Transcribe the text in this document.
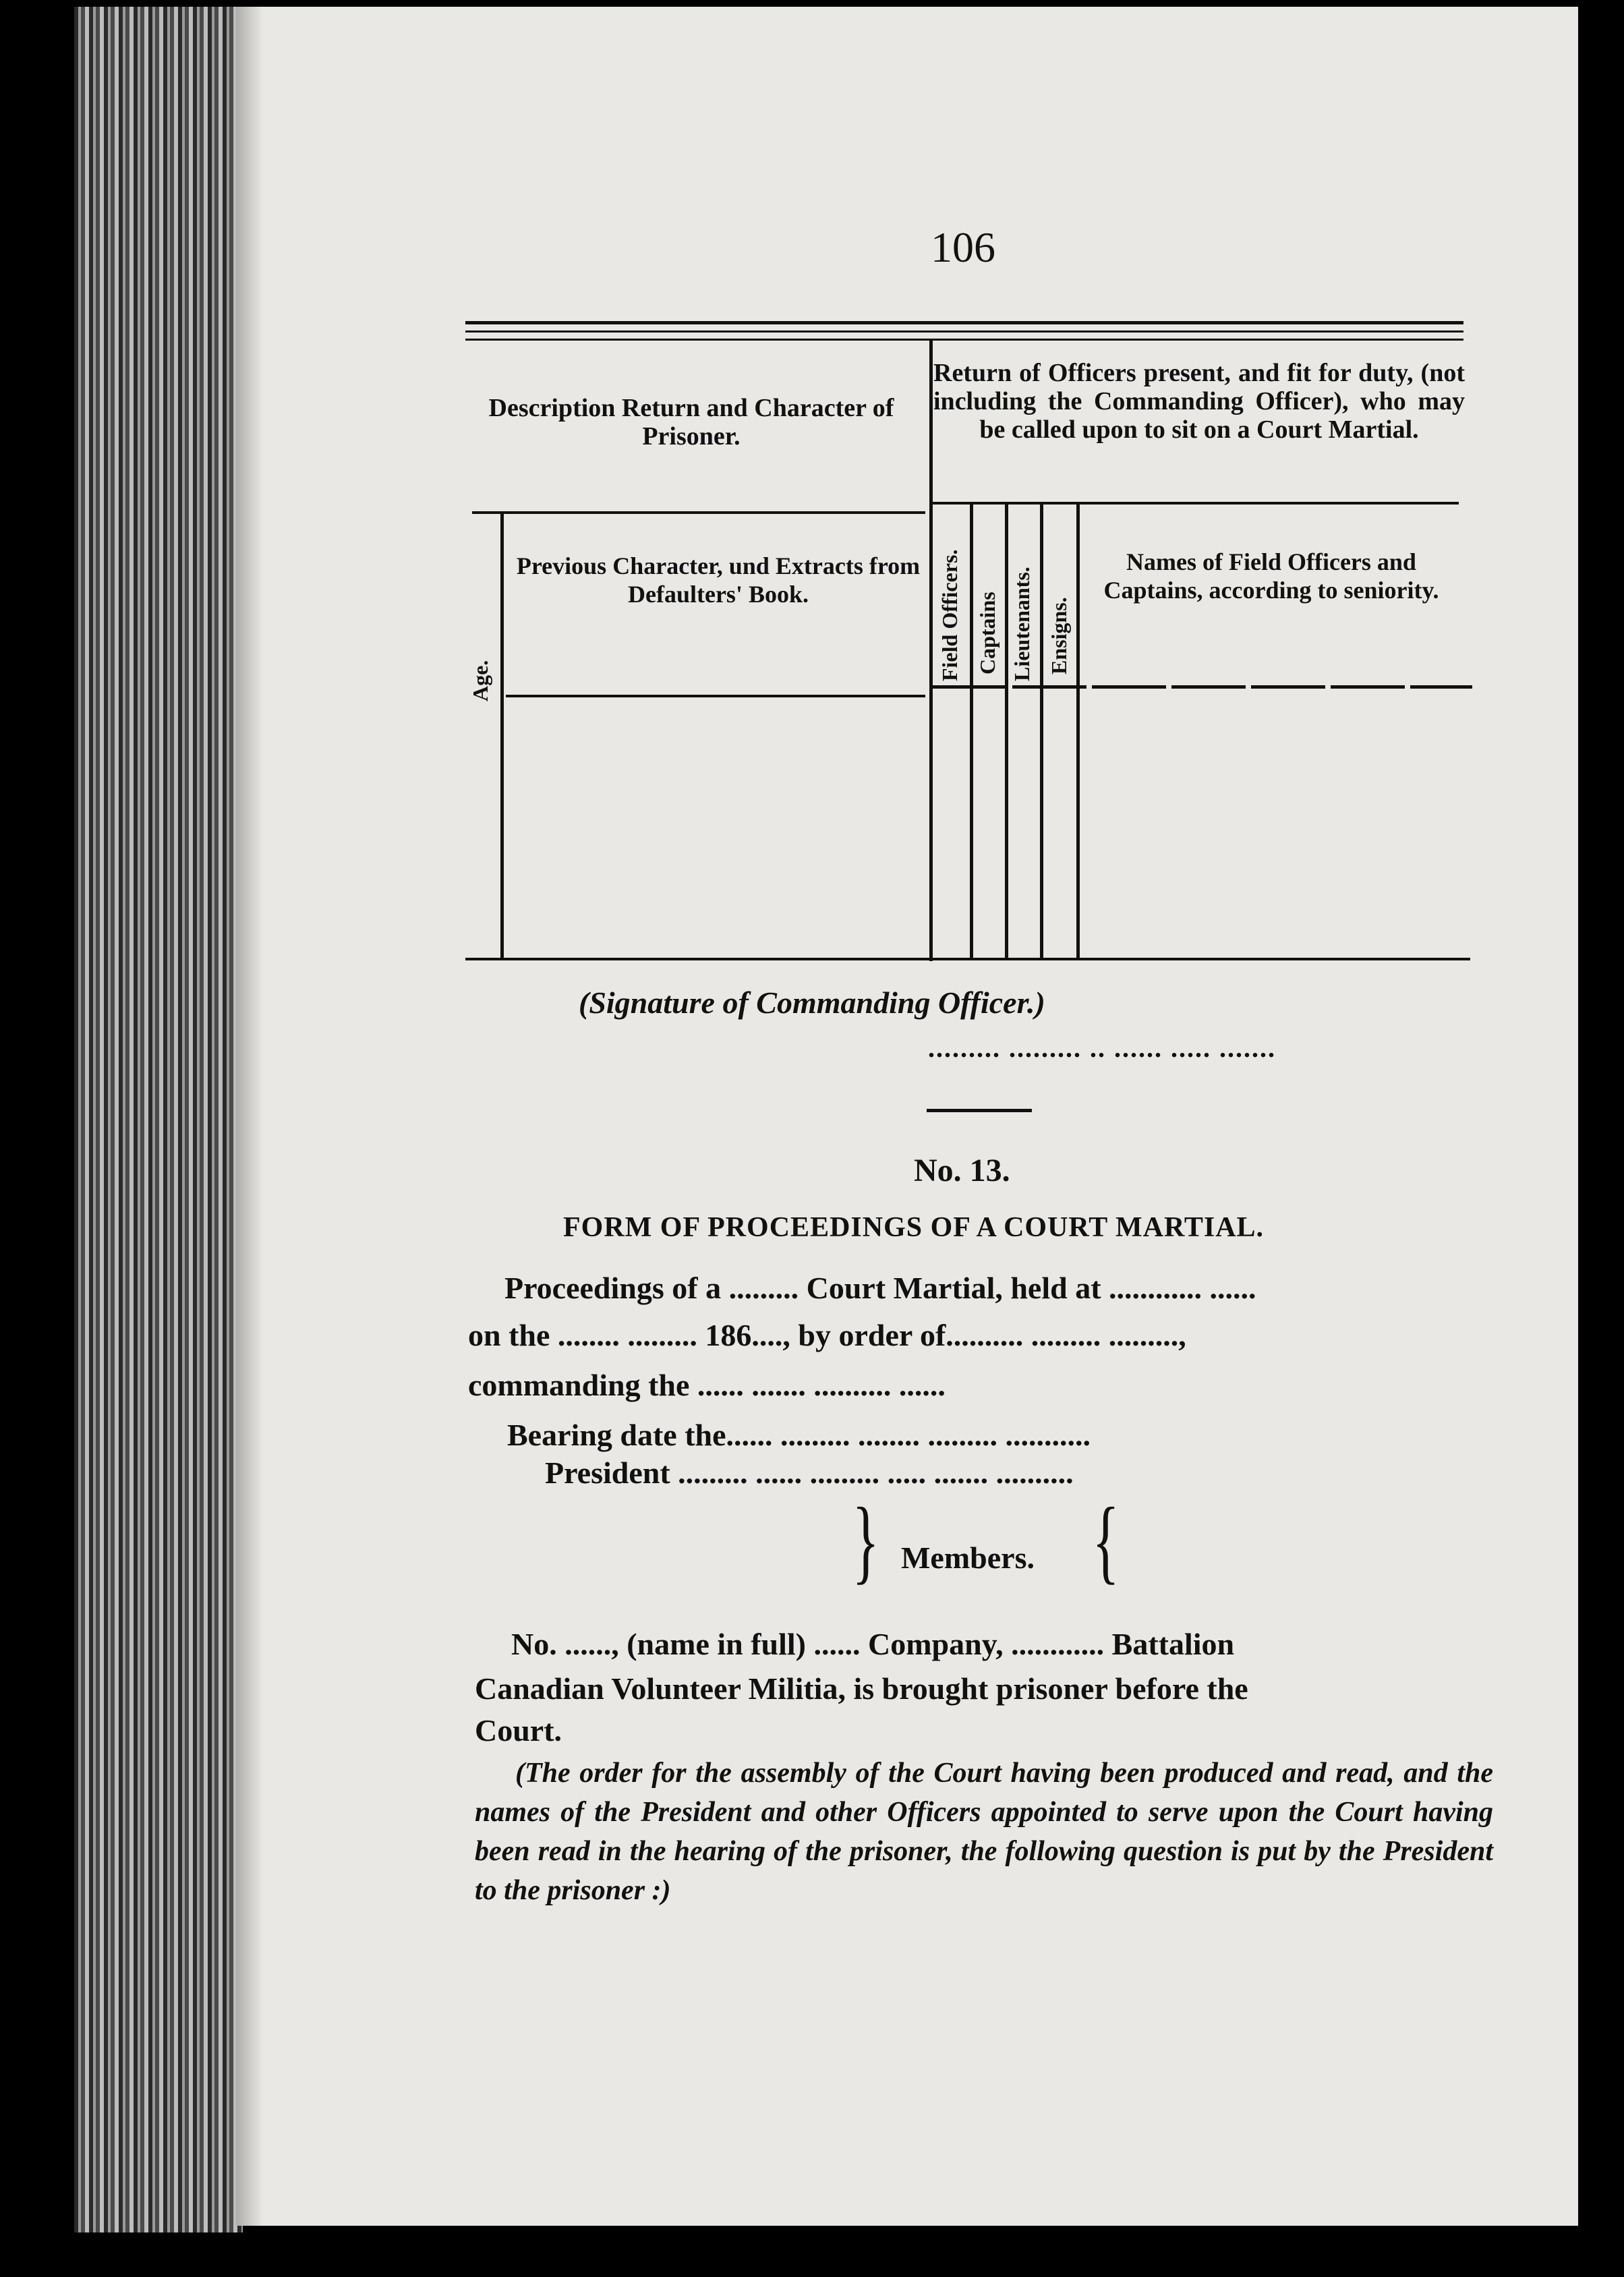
106
Description Return and Character of Prisoner.
Return of Officers present, and fit for duty, (not including the Commanding Officer), who may be called upon to sit on a Court Martial.
Age.
Previous Character, und Extracts from Defaulters' Book.	Field Officers. Captains Lieutenants. Ensigns.
Names of Field Officers and Captains, according to seniority.
(Signature of Commanding Officer.)
......... ......... .. ...... ..... .......
No. 13.
FORM OF PROCEEDINGS OF A COURT MARTIAL.
Proceedings of a ......... Court Martial, held at ............ ......
on the ........ ......... 186...., by order of.......... ......... .........,
commanding the ...... ....... .......... ......
Bearing date the...... ......... ........ ......... ...........
President ......... ...... ......... ..... ....... ..........
} Members. {
No. ......, (name in full) ...... Company, ............ Battalion
Canadian Volunteer Militia, is brought prisoner before the
Court.
(The order for the assembly of the Court having been produced and read, and the names of the President and other Officers appointed to serve upon the Court having been read in the hearing of the prisoner, the following question is put by the President to the prisoner :)
